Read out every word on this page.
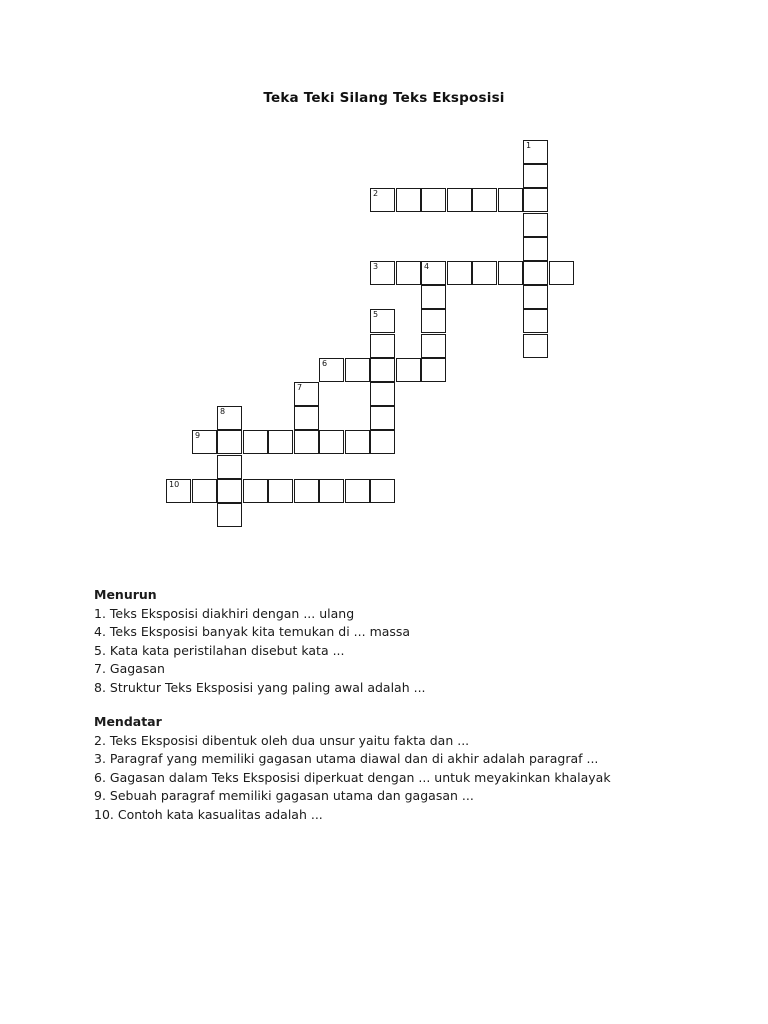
Teka Teki Silang Teks Eksposisi
1
2
3	4
5
6
7
8
9
10

Menurun

1. Teks Eksposisi diakhiri dengan ... ulang
4. Teks Eksposisi banyak kita temukan di ... massa
5. Kata kata peristilahan disebut kata ...
7. Gagasan
8. Struktur Teks Eksposisi yang paling awal adalah ...

Mendatar

2. Teks Eksposisi dibentuk oleh dua unsur yaitu fakta dan ...
3. Paragraf yang memiliki gagasan utama diawal dan di akhir adalah paragraf ...
6. Gagasan dalam Teks Eksposisi diperkuat dengan ... untuk meyakinkan khalayak
9. Sebuah paragraf memiliki gagasan utama dan gagasan ...
10. Contoh kata kasualitas adalah ...
